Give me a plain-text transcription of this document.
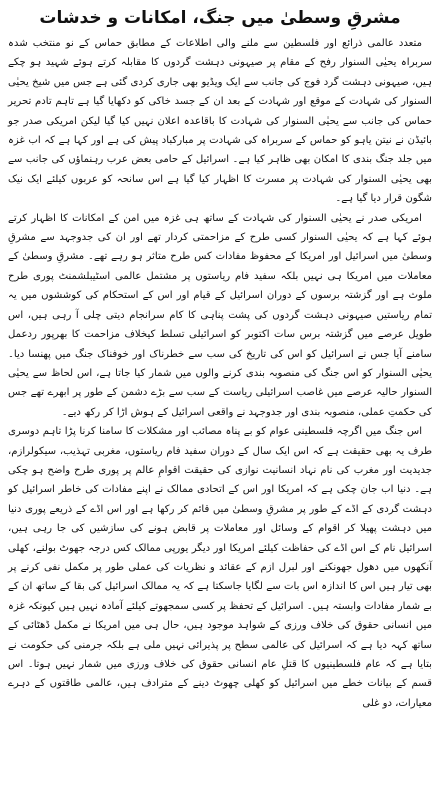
مشرقِ وسطیٰ میں جنگ، امکانات و خدشات

متعدد عالمی ذرائع اور فلسطین سے ملنے والی اطلاعات کے مطابق حماس کے نو منتخب شدہ سربراہ یحیٰی السنوار رفح کے مقام پر صیہونی دہشت گردوں کا مقابلہ کرتے ہوئے شہید ہو چکے ہیں، صیہونی دہشت گرد فوج کی جانب سے ایک ویڈیو بھی جاری کردی گئی ہے جس میں شیخ یحیٰی السنوار کی شہادت کے موقع اور شہادت کے بعد ان کے جسد خاکی کو دکھایا گیا ہے تاہم تادم تحریر حماس کی جانب سے یحیٰی السنوار کی شہادت کا باقاعدہ اعلان نہیں کیا گیا لیکن امریکی صدر جو بائیڈن نے نیتن یاہو کو حماس کے سربراہ کی شہادت پر مبارکباد پیش کی ہے اور کہا ہے کہ اب غزہ میں جلد جنگ بندی کا امکان بھی ظاہر کیا ہے۔ اسرائیل کے حامی بعض عرب رہنماؤں کی جانب سے بھی یحیٰی السنوار کی شہادت پر مسرت کا اظہار کیا گیا ہے اس سانحہ کو عربوں کیلئے ایک نیک شگون قرار دیا گیا ہے۔

امریکی صدر نے یحیٰی السنوار کی شہادت کے ساتھ ہی غزہ میں امن کے امکانات کا اظہار کرتے ہوئے کہا ہے کہ یحیٰی السنوار کسی طرح کے مزاحمتی کردار تھے اور ان کی جدوجہد سے مشرقِ وسطیٰ میں اسرائیل اور امریکا کے محفوظ مفادات کس طرح متاثر ہو رہے تھے۔ مشرقِ وسطیٰ کے معاملات میں امریکا ہی نہیں بلکہ سفید فام ریاستوں پر مشتمل عالمی اسٹیبلشمنٹ پوری طرح ملوث ہے اور گزشتہ برسوں کے دوران اسرائیل کے قیام اور اس کے استحکام کی کوششوں میں یہ تمام ریاستیں صیہونی دہشت گردوں کی پشت پناہی کا کام سرانجام دیتی چلی آ رہی ہیں، اس طویل عرصے میں گزشتہ برس سات اکتوبر کو اسرائیلی تسلط کیخلاف مزاحمت کا بھرپور ردعمل سامنے آیا جس نے اسرائیل کو اس کی تاریخ کی سب سے خطرناک اور خوفناک جنگ میں پھنسا دیا۔ یحیٰی السنوار کو اس جنگ کی منصوبہ بندی کرنے والوں میں شمار کیا جاتا ہے، اس لحاظ سے یحیٰی السنوار حالیہ عرصے میں غاصب اسرائیلی ریاست کے سب سے بڑے دشمن کے طور پر ابھرے تھے جس کی حکمتِ عملی، منصوبہ بندی اور جدوجہد نے واقعی اسرائیل کے ہوش اڑا کر رکھ دیے۔

اس جنگ میں اگرچہ فلسطینی عوام کو بے پناہ مصائب اور مشکلات کا سامنا کرنا پڑا تاہم دوسری طرف یہ بھی حقیقت ہے کہ اس ایک سال کے دوران سفید فام ریاستوں، مغربی تہذیب، سیکولرازم، جدیدیت اور مغرب کی نام نہاد انسانیت نوازی کی حقیقت اقوامِ عالم پر پوری طرح واضح ہو چکی ہے۔ دنیا اب جان چکی ہے کہ امریکا اور اس کے اتحادی ممالک نے اپنے مفادات کی خاطر اسرائیل کو دہشت گردی کے اڈے کے طور پر مشرقِ وسطیٰ میں قائم کر رکھا ہے اور اس اڈے کے ذریعے پوری دنیا میں دہشت پھیلا کر اقوام کے وسائل اور معاملات پر قابض ہونے کی سازشیں کی جا رہی ہیں، اسرائیل نام کے اس اڈے کی حفاظت کیلئے امریکا اور دیگر یورپی ممالک کس درجہ جھوٹ بولنے، کھلی آنکھوں میں دھول جھونکنے اور لبرل ازم کے عقائد و نظریات کی عملی طور پر مکمل نفی کرنے پر بھی تیار ہیں اس کا اندازہ اس بات سے لگایا جاسکتا ہے کہ یہ ممالک اسرائیل کی بقا کے ساتھ ان کے بے شمار مفادات وابستہ ہیں۔ اسرائیل کے تحفظ پر کسی سمجھوتے کیلئے آمادہ نہیں ہیں کیونکہ غزہ میں انسانی حقوق کی خلاف ورزی کے شواہد موجود ہیں، حال ہی میں امریکا نے مکمل ڈھٹائی کے ساتھ کہہ دیا ہے کہ اسرائیل کی عالمی سطح پر پذیرائی نہیں ملی ہے بلکہ جرمنی کی حکومت نے بتایا ہے کہ عام فلسطینیوں کا قتلِ عام انسانی حقوق کی خلاف ورزی میں شمار نہیں ہوتا۔ اس قسم کے بیانات خطے میں اسرائیل کو کھلی چھوٹ دینے کے مترادف ہیں، عالمی طاقتوں کے دہرے معیارات، دو غلی
